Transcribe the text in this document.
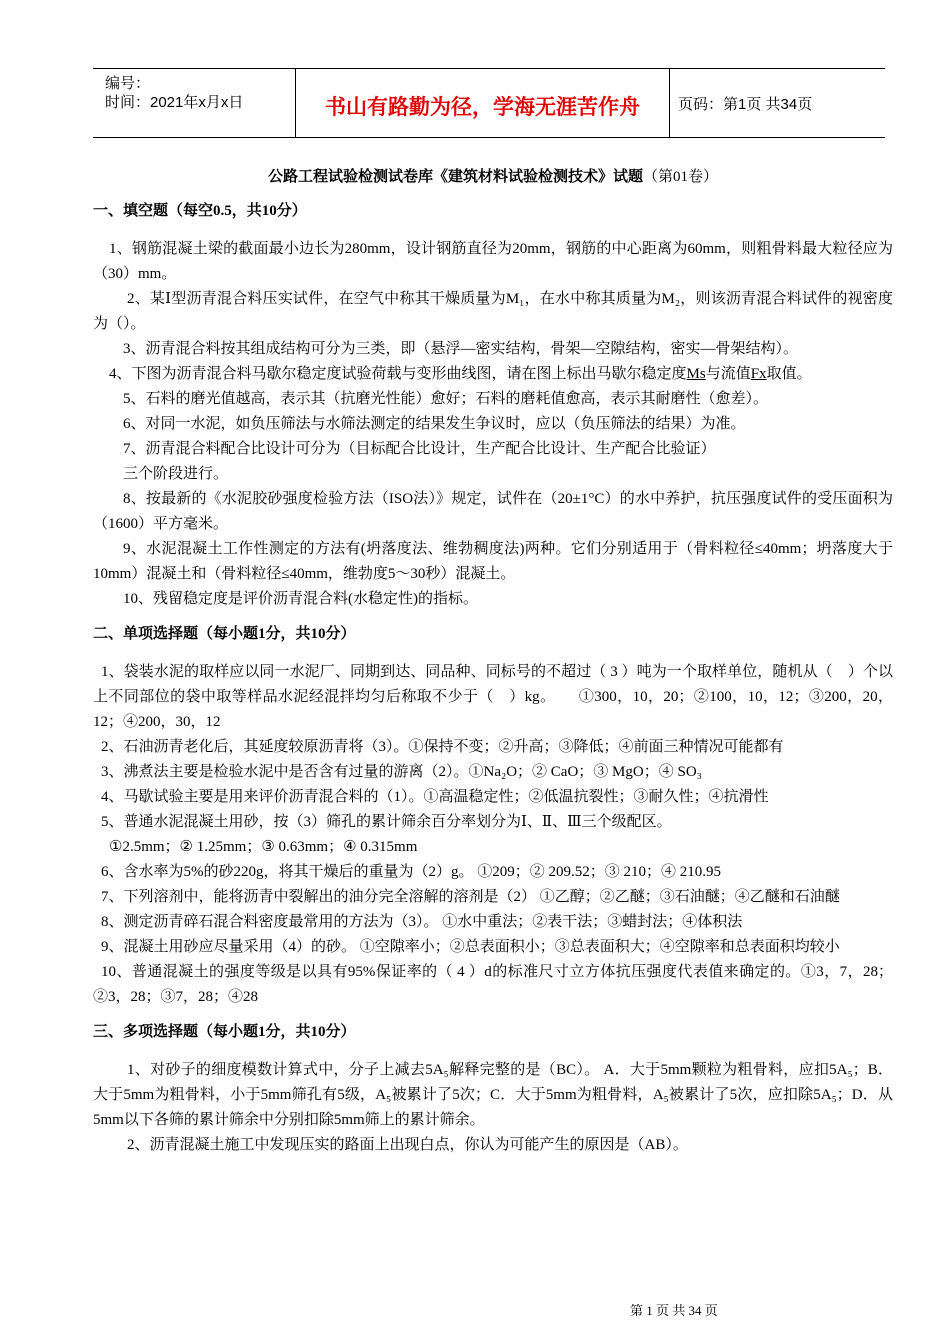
编号：
时间：2021年x月x日	书山有路勤为径，学海无涯苦作舟	页码：第1页 共34页
公路工程试验检测试卷库《建筑材料试验检测技术》试题（第01卷）
一、填空题（每空0.5，共10分）

1、钢筋混凝土梁的截面最小边长为280mm，设计钢筋直径为20mm，钢筋的中心距离为60mm，则粗骨料最大粒径应为（30）mm。

2、某Ⅰ型沥青混合料压实试件，在空气中称其干燥质量为M₁，在水中称其质量为M₂，则该沥青混合料试件的视密度为（）。

3、沥青混合料按其组成结构可分为三类，即（悬浮—密实结构，骨架—空隙结构，密实—骨架结构）。

4、下图为沥青混合料马歇尔稳定度试验荷载与变形曲线图，请在图上标出马歇尔稳定度Ms与流值Fx取值。

5、石料的磨光值越高，表示其（抗磨光性能）愈好；石料的磨耗值愈高，表示其耐磨性（愈差）。

6、对同一水泥，如负压筛法与水筛法测定的结果发生争议时，应以（负压筛法的结果）为准。

7、沥青混合料配合比设计可分为（目标配合比设计，生产配合比设计、生产配合比验证）

三个阶段进行。

8、按最新的《水泥胶砂强度检验方法（ISO法）》规定，试件在（20±1°C）的水中养护，抗压强度试件的受压面积为（1600）平方毫米。

9、水泥混凝土工作性测定的方法有(坍落度法、维勃稠度法)两种。它们分别适用于（骨料粒径≤40mm；坍落度大于10mm）混凝土和（骨料粒径≤40mm，维勃度5～30秒）混凝土。

10、残留稳定度是评价沥青混合料(水稳定性)的指标。

二、单项选择题（每小题1分，共10分）

1、袋装水泥的取样应以同一水泥厂、同期到达、同品种、同标号的不超过（ 3 ）吨为一个取样单位，随机从（　）个以上不同部位的袋中取等样品水泥经混拌均匀后称取不少于（　）kg。　　①300，10，20；②100，10，12；③200，20，12；④200，30，12

2、石油沥青老化后，其延度较原沥青将（3）。①保持不变；②升高；③降低；④前面三种情况可能都有

3、沸煮法主要是检验水泥中是否含有过量的游离（2）。①Na₂O；② CaO；③ MgO；④ SO₃

4、马歇试验主要是用来评价沥青混合料的（1）。①高温稳定性；②低温抗裂性；③耐久性；④抗滑性

5、普通水泥混凝土用砂，按（3）筛孔的累计筛余百分率划分为Ⅰ、Ⅱ、Ⅲ三个级配区。

①2.5mm；② 1.25mm；③ 0.63mm；④ 0.315mm

6、含水率为5%的砂220g，将其干燥后的重量为（2）g。 ①209；② 209.52；③ 210；④ 210.95

7、下列溶剂中，能将沥青中裂解出的油分完全溶解的溶剂是（2） ①乙醇；②乙醚；③石油醚；④乙醚和石油醚

8、测定沥青碎石混合料密度最常用的方法为（3）。 ①水中重法；②表干法；③蜡封法；④体积法

9、混凝土用砂应尽量采用（4）的砂。 ①空隙率小；②总表面积小；③总表面积大；④空隙率和总表面积均较小

10、普通混凝土的强度等级是以具有95%保证率的（ 4 ）d的标准尺寸立方体抗压强度代表值来确定的。①3，7，28；②3，28；③7，28；④28

三、多项选择题（每小题1分，共10分）

1、对砂子的细度模数计算式中，分子上减去5A₅解释完整的是（BC）。 A．大于5mm颗粒为粗骨料，应扣5A₅；B．大于5mm为粗骨料，小于5mm筛孔有5级，A₅被累计了5次；C．大于5mm为粗骨料，A₅被累计了5次，应扣除5A₅；D．从5mm以下各筛的累计筛余中分别扣除5mm筛上的累计筛余。

2、沥青混凝土施工中发现压实的路面上出现白点，你认为可能产生的原因是（AB）。

第 1 页 共 34 页
